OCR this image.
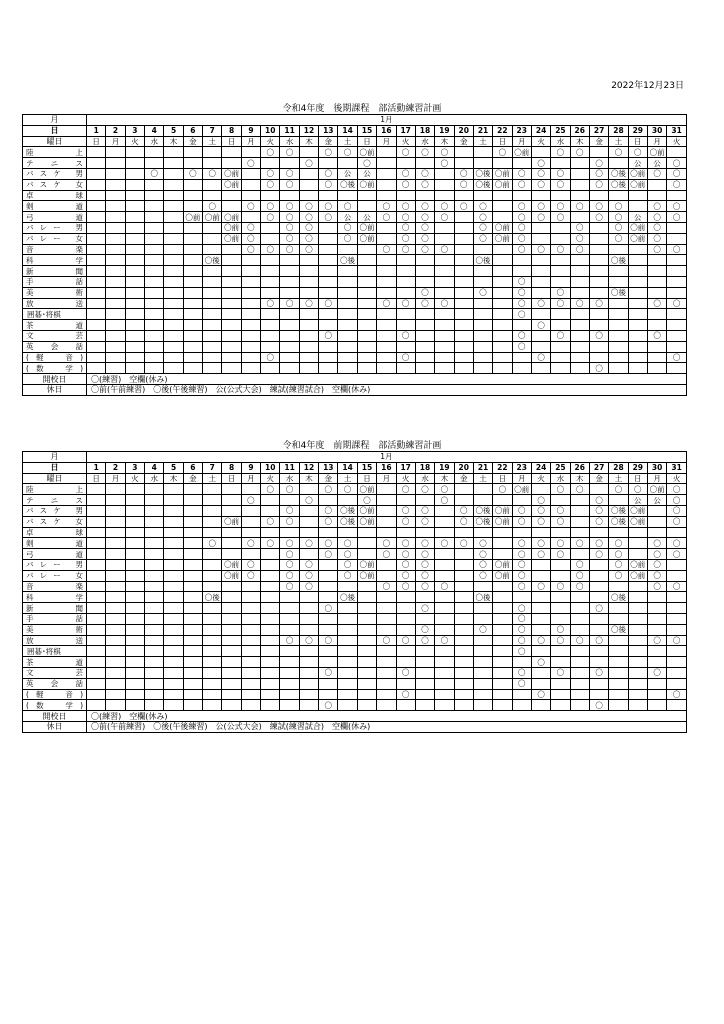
2022年12月23日
令和4年度　後期課程　部活動練習計画
月	1月																														
日	1	2	3	4	5	6	7	8	9	10	11	12	13	14	15	16	17	18	19	20	21	22	23	24	25	26	27	28	29	30	31
曜日	日	月	火	水	木	金	土	日	月	火	水	木	金	土	日	月	火	水	木	金	土	日	月	火	水	木	金	土	日	月	火
陸　上										〇	〇		〇	〇	〇前		〇	〇	〇			〇	〇前		〇	〇		〇	〇	〇前	
テ ニ ス									〇			〇			〇				〇					〇			〇		公	公	〇
バスケ 男				〇		〇	〇	〇前		〇	〇		〇	公	公		〇	〇		〇	〇後	〇前	〇	〇	〇		〇	〇後	〇前	〇	〇
バスケ 女								〇前		〇	〇		〇	〇後	〇前		〇	〇		〇	〇後	〇前	〇	〇	〇		〇	〇後	〇前		〇
卓　球																															
剣　道							〇		〇	〇	〇	〇	〇	〇		〇	〇	〇	〇	〇	〇		〇	〇	〇	〇	〇	〇		〇	〇
弓　道						〇前	〇前	〇前		〇	〇	〇	〇	公	公	〇	〇	〇	〇		〇		〇	〇	〇		〇	〇	公	〇	〇
バレー 男								〇前	〇		〇	〇		〇	〇前		〇	〇			〇	〇前	〇			〇		〇	〇前	〇	
バレー 女								〇前	〇		〇	〇		〇	〇前		〇	〇			〇	〇前	〇			〇		〇	〇前	〇	
音　楽									〇	〇	〇	〇				〇	〇	〇	〇				〇	〇	〇	〇				〇	〇
科　学							〇後							〇後							〇後							〇後			
新　聞																															
手　話																							〇								
美　術																		〇			〇		〇		〇			〇後			
放　送										〇	〇	〇	〇			〇	〇	〇	〇				〇	〇	〇	〇	〇			〇	〇
囲碁･将棋																							〇								
茶　道																								〇							
文　芸													〇				〇						〇		〇		〇			〇	
英 会 話																							〇								
(軽　音)										〇							〇							〇							〇
(数　学)																											〇				
開校日	〇(練習)　空欄(休み)																														
休日	〇前(午前練習)　〇後(午後練習)　公(公式大会)　練試(練習試合)　空欄(休み)																														
令和4年度　前期課程　部活動練習計画
月	1月																														
日	1	2	3	4	5	6	7	8	9	10	11	12	13	14	15	16	17	18	19	20	21	22	23	24	25	26	27	28	29	30	31
曜日	日	月	火	水	木	金	土	日	月	火	水	木	金	土	日	月	火	水	木	金	土	日	月	火	水	木	金	土	日	月	火
陸　上										〇	〇		〇	〇	〇前		〇	〇	〇			〇	〇前		〇	〇		〇	〇	〇前	〇
テ ニ ス									〇			〇			〇				〇					〇			〇		公	公	〇
バスケ 男											〇		〇	〇後	〇前		〇	〇		〇	〇後	〇前	〇	〇	〇		〇	〇後	〇前		〇
バスケ 女								〇前		〇	〇		〇	〇後	〇前		〇	〇		〇	〇後	〇前	〇	〇	〇		〇	〇後	〇前		〇
卓　球																															
剣　道							〇		〇	〇	〇	〇	〇	〇		〇	〇	〇	〇	〇	〇		〇	〇	〇	〇	〇	〇		〇	〇
弓　道											〇		〇	〇		〇	〇	〇			〇		〇	〇	〇		〇	〇		〇	〇
バレー 男								〇前	〇		〇	〇		〇	〇前		〇	〇			〇	〇前	〇			〇		〇	〇前	〇	
バレー 女								〇前	〇		〇	〇		〇	〇前		〇	〇			〇	〇前	〇			〇		〇	〇前	〇	
音　楽											〇	〇				〇	〇	〇	〇				〇	〇	〇	〇				〇	〇
科　学							〇後							〇後							〇後							〇後			
新　聞													〇					〇					〇				〇				
手　話																							〇								
美　術																		〇			〇		〇		〇			〇後			
放　送											〇	〇	〇			〇	〇	〇	〇				〇	〇	〇	〇	〇			〇	〇
囲碁･将棋																							〇								
茶　道																								〇							
文　芸													〇				〇						〇		〇		〇			〇	
英 会 話																							〇								
(軽　音)																	〇							〇							〇
(数　学)													〇														〇				
開校日	〇(練習)　空欄(休み)																														
休日	〇前(午前練習)　〇後(午後練習)　公(公式大会)　練試(練習試合)　空欄(休み)																														
